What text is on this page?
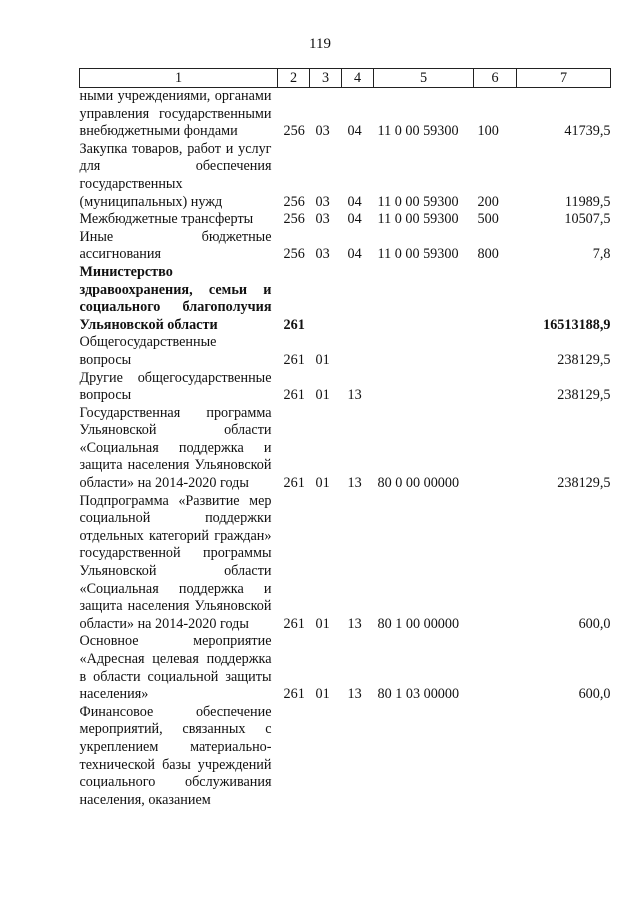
119
1	2	3	4	5	6	7
ными учреждениями, органами управления государственными внебюджетными фондами	256	03	04	11 0 00 59300	100	41739,5
Закупка товаров, работ и услуг для обеспечения государственных (муниципальных) нужд	256	03	04	11 0 00 59300	200	11989,5
Межбюджетные трансферты	256	03	04	11 0 00 59300	500	10507,5
Иные бюджетные ассигнования	256	03	04	11 0 00 59300	800	7,8
Министерство здравоохранения, семьи и социального благополучия Ульяновской области	261					16513188,9
Общегосударственные вопросы	261	01				238129,5
Другие общегосударственные вопросы	261	01	13			238129,5
Государственная программа Ульяновской области «Социальная поддержка и защита населения Ульяновской области» на 2014-2020 годы	261	01	13	80 0 00 00000		238129,5
Подпрограмма «Развитие мер социальной поддержки отдельных категорий граждан» государственной программы Ульяновской области «Социальная поддержка и защита населения Ульяновской области» на 2014-2020 годы	261	01	13	80 1 00 00000		600,0
Основное мероприятие «Адресная целевая поддержка в области социальной защиты населения»	261	01	13	80 1 03 00000		600,0
Финансовое обеспечение мероприятий, связанных с укреплением материально-технической базы учреждений социального обслуживания населения, оказанием						
